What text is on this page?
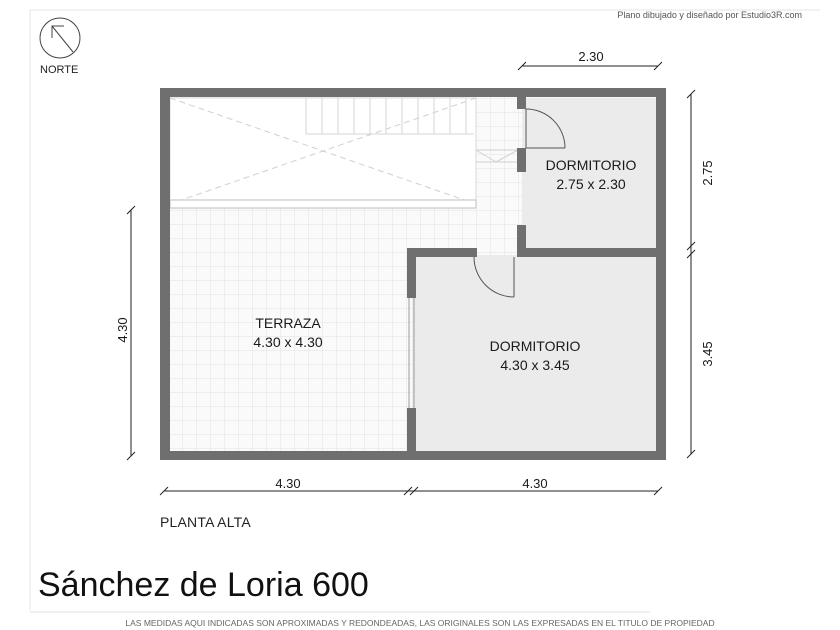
Plano dibujado y diseñado por Estudio3R.com
NORTE
DORMITORIO
2.75 x 2.30
TERRAZA
4.30 x 4.30	DORMITORIO
4.30 x 3.45
2.30
4.30	4.30
4.30
2.75
3.45
PLANTA ALTA
Sánchez de Loria 600
LAS MEDIDAS AQUI INDICADAS SON APROXIMADAS Y REDONDEADAS, LAS ORIGINALES SON LAS EXPRESADAS EN EL TITULO DE PROPIEDAD
